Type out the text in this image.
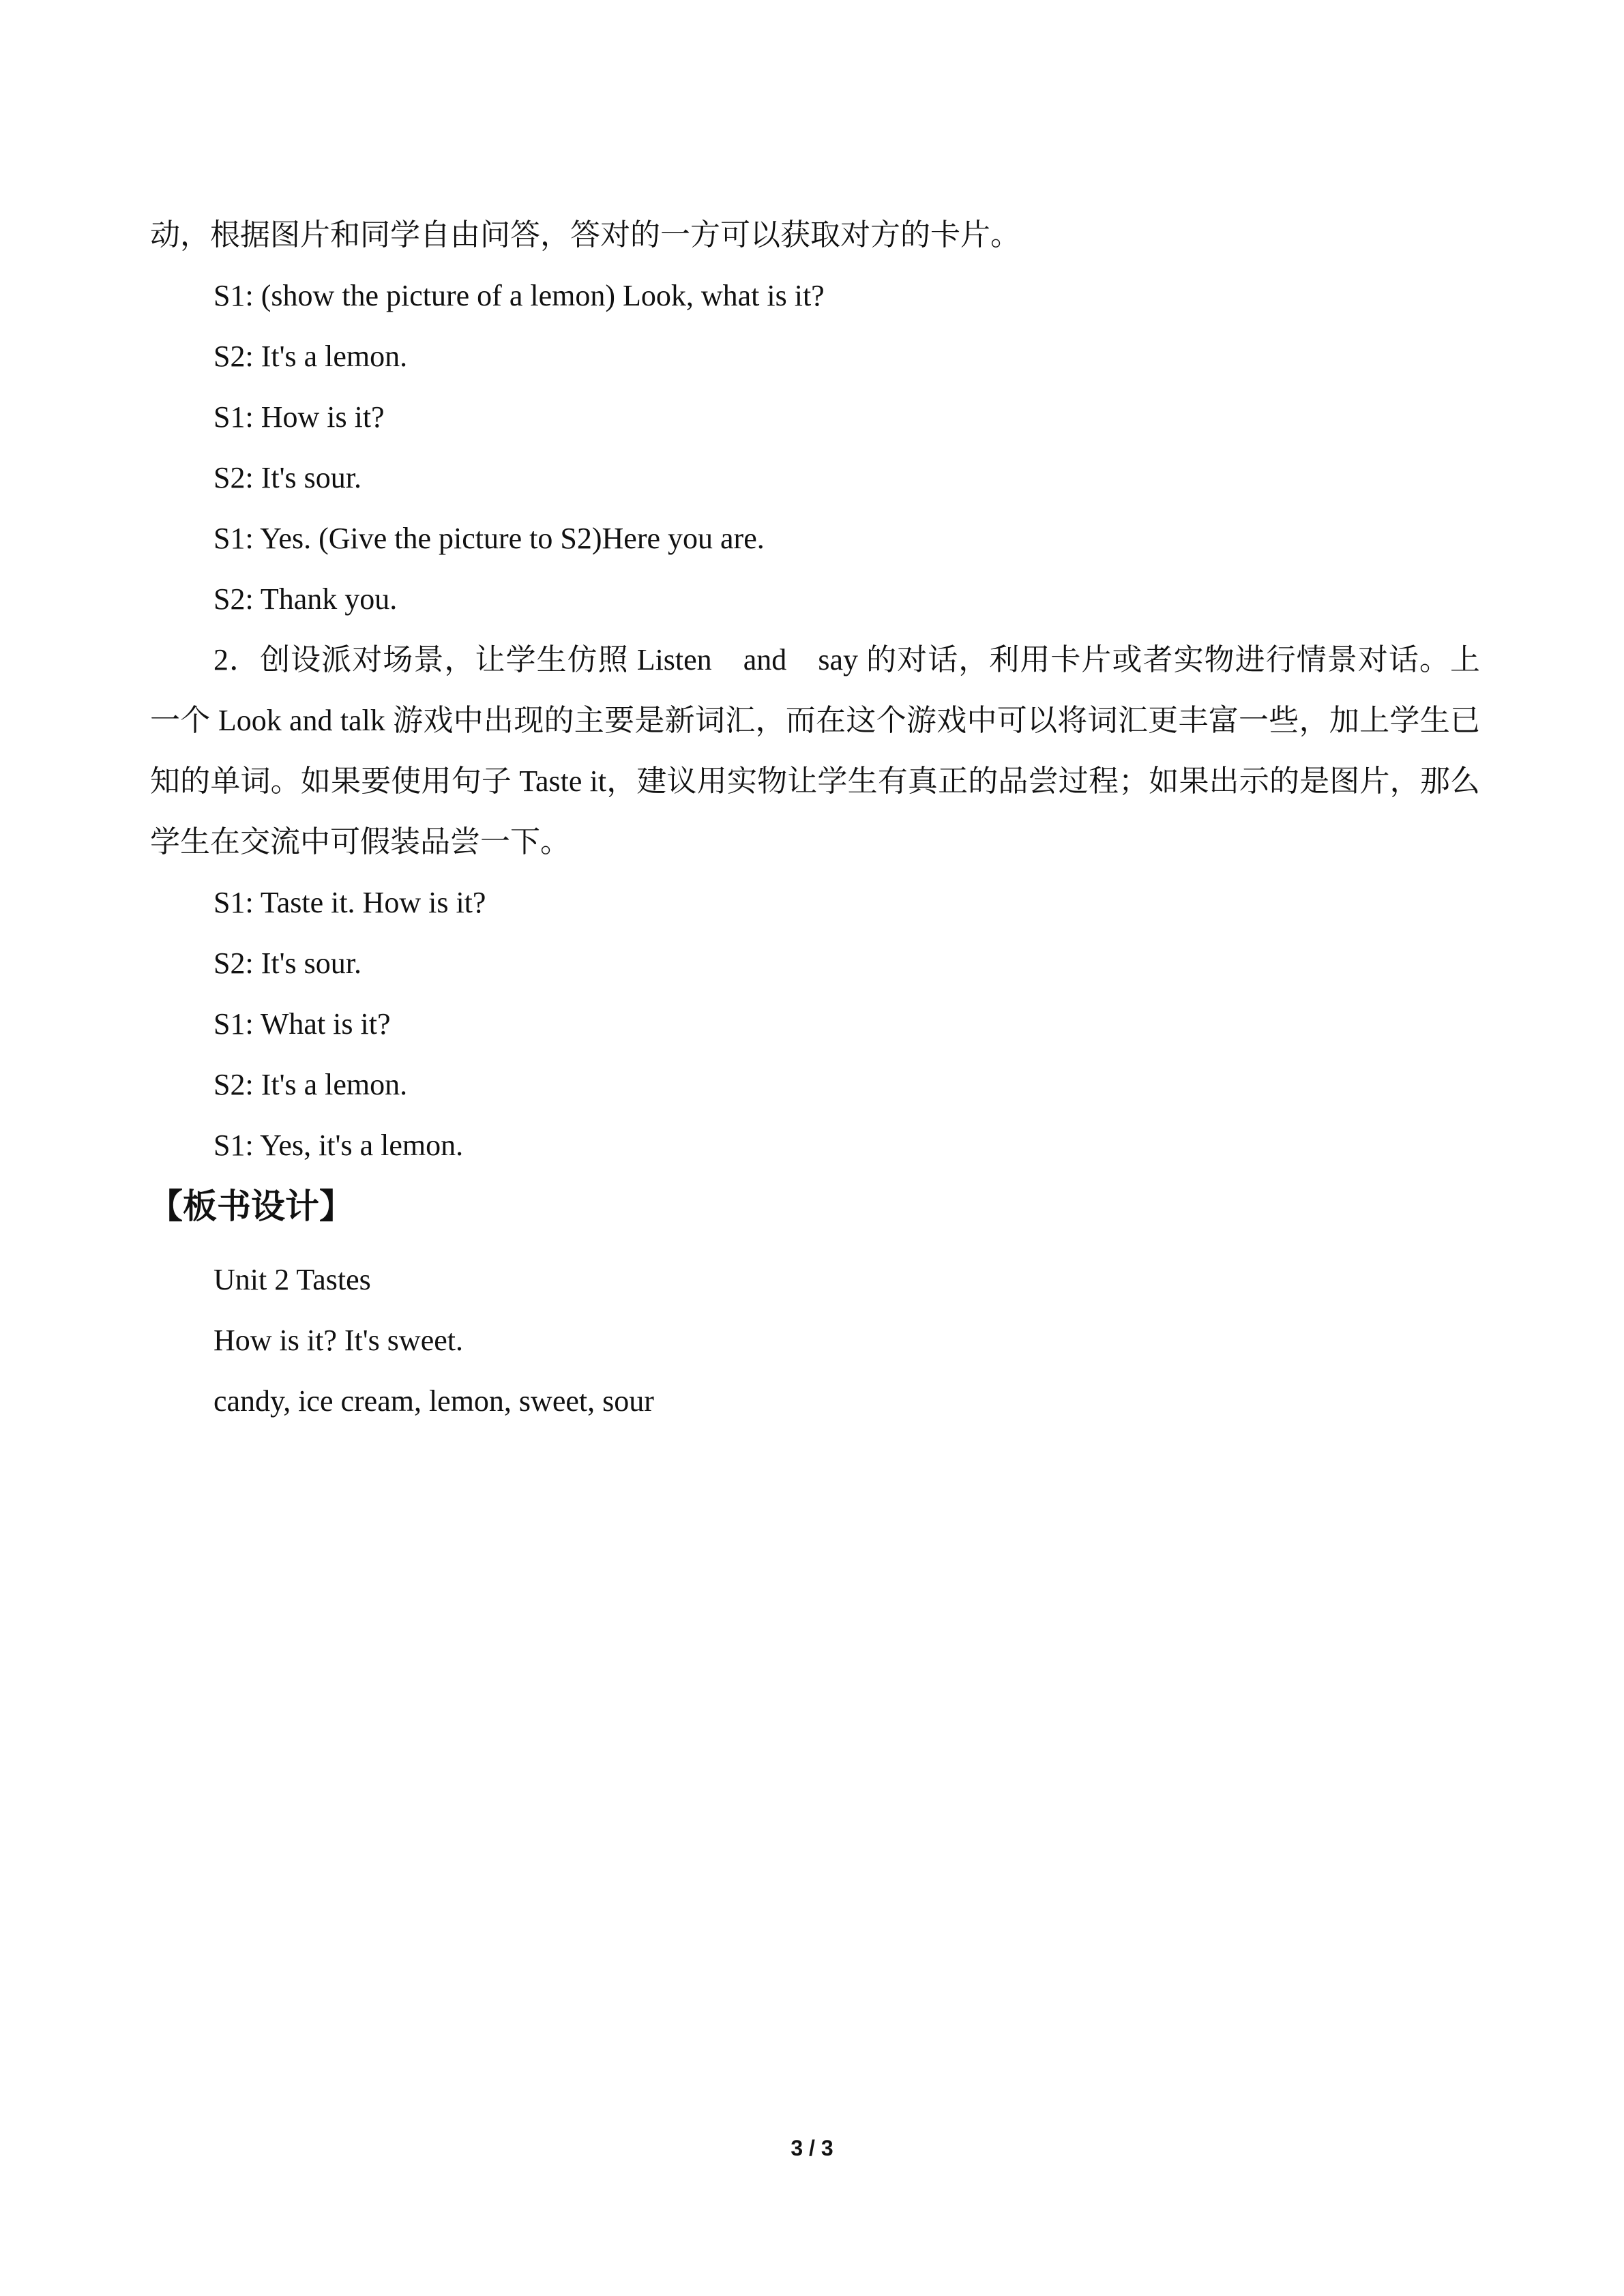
动，根据图片和同学自由问答，答对的一方可以获取对方的卡片。

S1: (show the picture of a lemon) Look, what is it?

S2: It's a lemon.

S1: How is it?

S2: It's sour.

S1: Yes. (Give the picture to S2)Here you are.

S2: Thank you.

2．创设派对场景，让学生仿照 Listen　and　say 的对话，利用卡片或者实物进行情景对话。上一个 Look and talk 游戏中出现的主要是新词汇，而在这个游戏中可以将词汇更丰富一些，加上学生已知的单词。如果要使用句子 Taste it，建议用实物让学生有真正的品尝过程；如果出示的是图片，那么学生在交流中可假装品尝一下。

S1: Taste it. How is it?

S2: It's sour.

S1: What is it?

S2: It's a lemon.

S1: Yes, it's a lemon.

【板书设计】

Unit 2 Tastes

How is it? It's sweet.

candy, ice cream, lemon, sweet, sour

3 / 3
